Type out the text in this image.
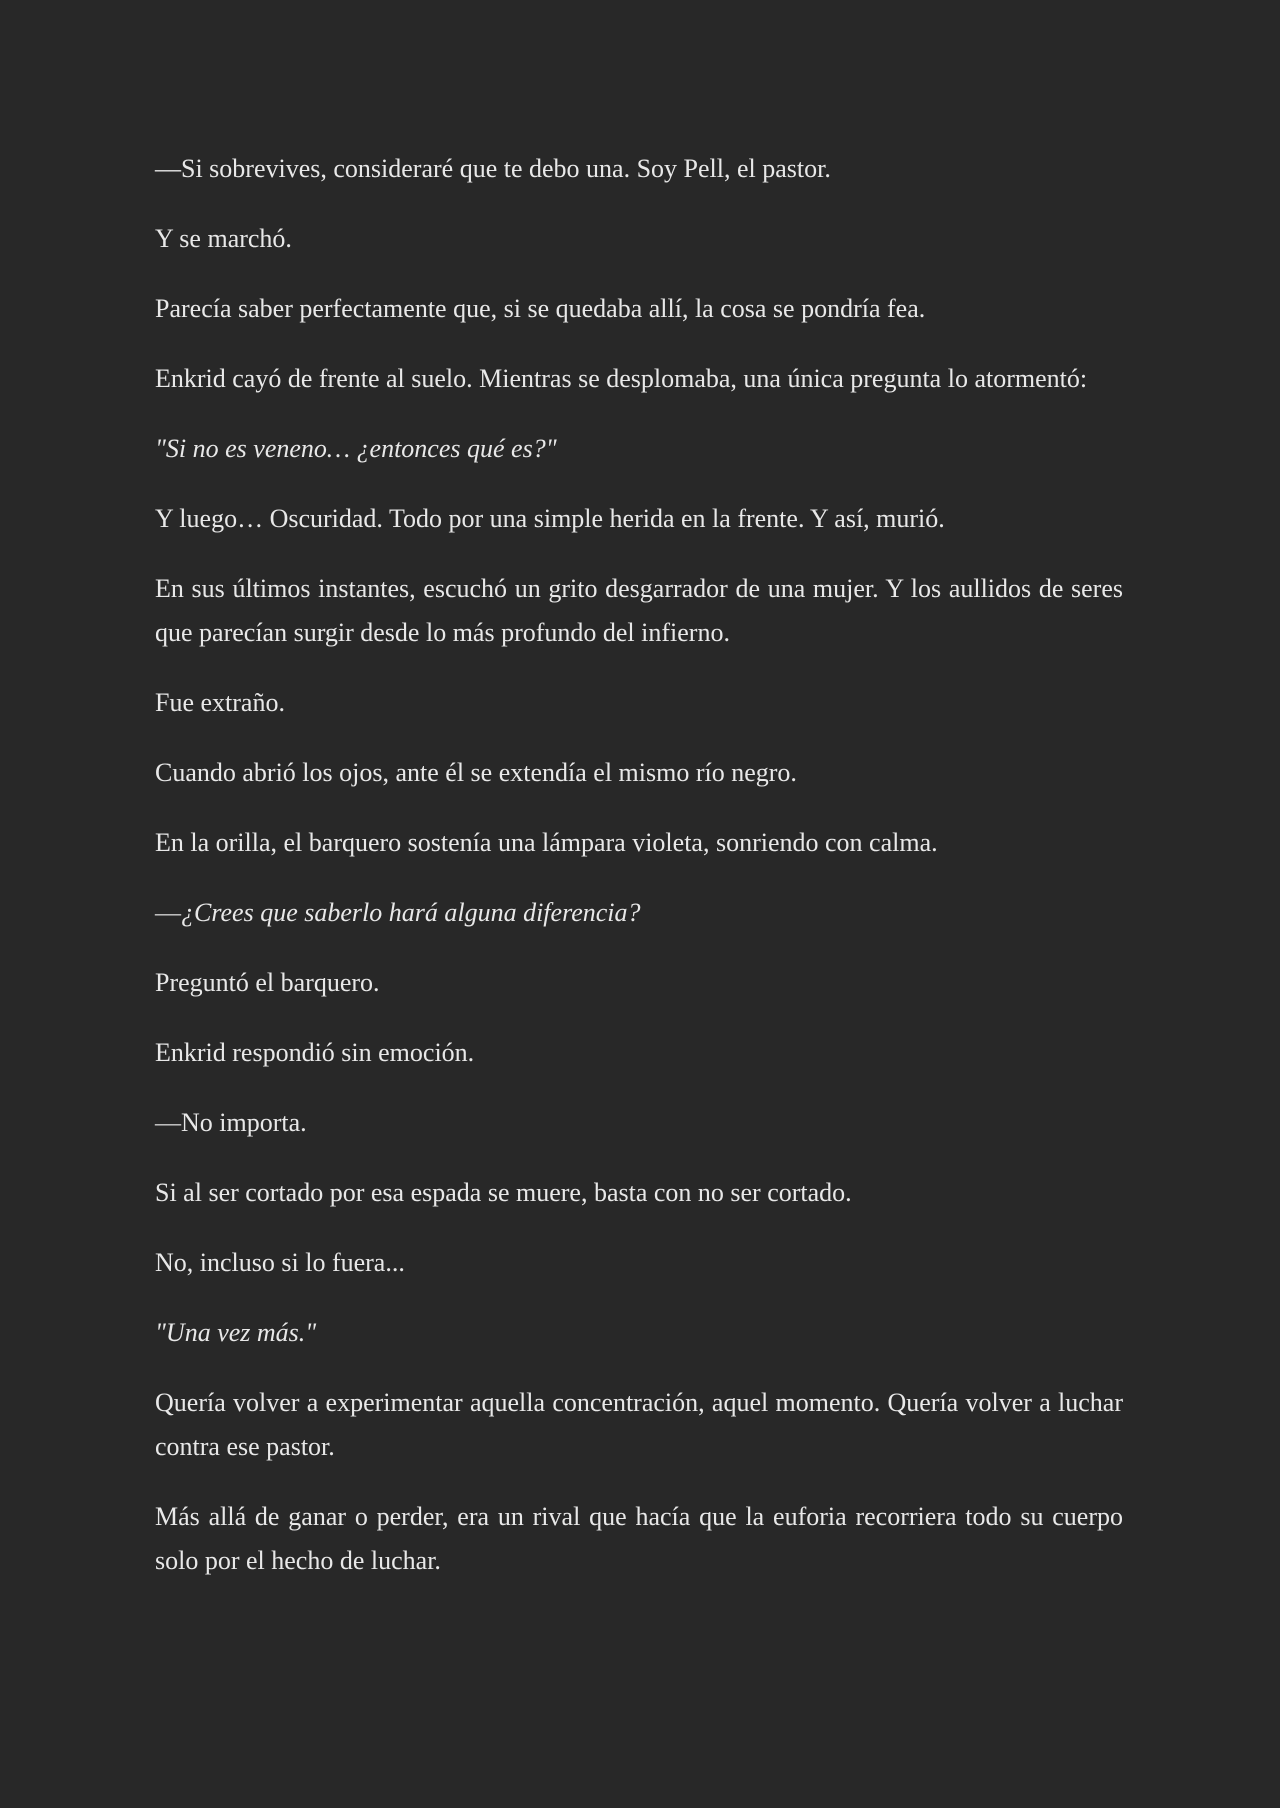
—Si sobrevives, consideraré que te debo una. Soy Pell, el pastor.

Y se marchó.

Parecía saber perfectamente que, si se quedaba allí, la cosa se pondría fea.

Enkrid cayó de frente al suelo. Mientras se desplomaba, una única pregunta lo atormentó:

"Si no es veneno… ¿entonces qué es?"

Y luego… Oscuridad. Todo por una simple herida en la frente. Y así, murió.

En sus últimos instantes, escuchó un grito desgarrador de una mujer. Y los aullidos de seres que parecían surgir desde lo más profundo del infierno.

Fue extraño.

Cuando abrió los ojos, ante él se extendía el mismo río negro.

En la orilla, el barquero sostenía una lámpara violeta, sonriendo con calma.

—¿Crees que saberlo hará alguna diferencia?

Preguntó el barquero.

Enkrid respondió sin emoción.

—No importa.

Si al ser cortado por esa espada se muere, basta con no ser cortado.

No, incluso si lo fuera...

"Una vez más."

Quería volver a experimentar aquella concentración, aquel momento. Quería volver a luchar contra ese pastor.

Más allá de ganar o perder, era un rival que hacía que la euforia recorriera todo su cuerpo solo por el hecho de luchar.
